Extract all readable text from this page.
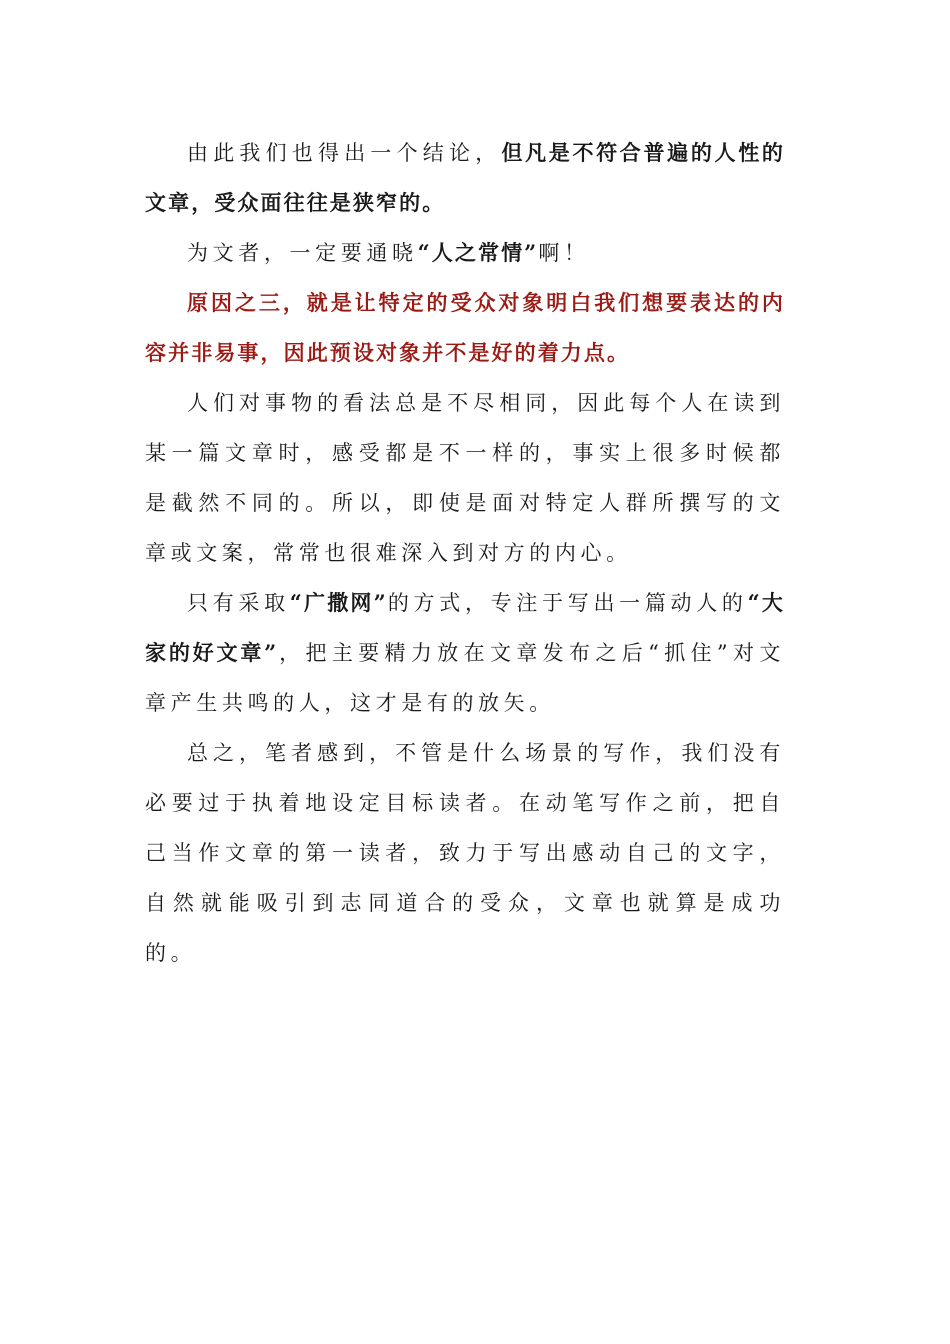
由此我们也得出一个结论，但凡是不符合普遍的人性的文章，受众面往往是狭窄的。

为文者，一定要通晓“人之常情”啊！

原因之三，就是让特定的受众对象明白我们想要表达的内容并非易事，因此预设对象并不是好的着力点。

人们对事物的看法总是不尽相同，因此每个人在读到某一篇文章时，感受都是不一样的，事实上很多时候都是截然不同的。所以，即使是面对特定人群所撰写的文章或文案，常常也很难深入到对方的内心。

只有采取“广撒网”的方式，专注于写出一篇动人的“大家的好文章”，把主要精力放在文章发布之后“抓住”对文章产生共鸣的人，这才是有的放矢。

总之，笔者感到，不管是什么场景的写作，我们没有必要过于执着地设定目标读者。在动笔写作之前，把自己当作文章的第一读者，致力于写出感动自己的文字，自然就能吸引到志同道合的受众，文章也就算是成功的。
